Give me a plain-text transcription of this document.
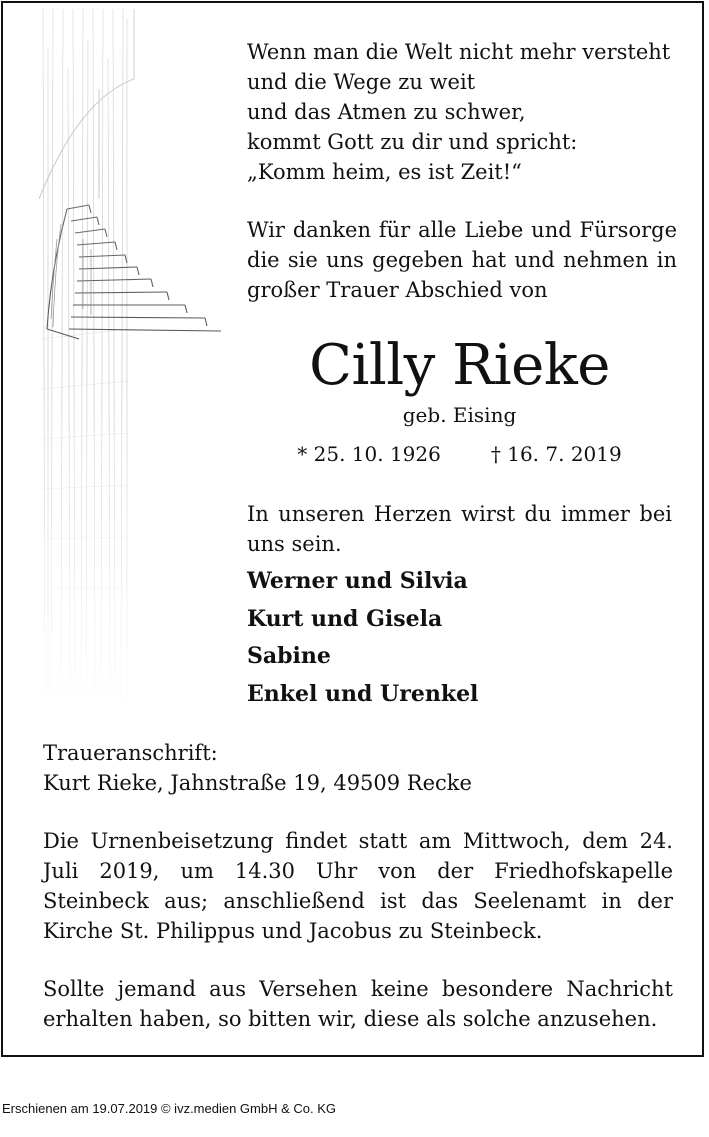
Wenn man die Welt nicht mehr versteht
und die Wege zu weit
und das Atmen zu schwer,
kommt Gott zu dir und spricht:
„Komm heim, es ist Zeit!“
Wir danken für alle Liebe und Fürsorge die sie uns gegeben hat und nehmen in großer Trauer Abschied von
Cilly Rieke
geb. Eising
* 25. 10. 1926	† 16. 7. 2019
In unseren Herzen wirst du immer bei uns sein.
Werner und Silvia
Kurt und Gisela
Sabine
Enkel und Urenkel
Traueranschrift:
Kurt Rieke, Jahnstraße 19, 49509 Recke
Die Urnenbeisetzung findet statt am Mittwoch, dem 24. Juli 2019, um 14.30 Uhr von der Friedhofskapelle Steinbeck aus; anschließend ist das Seelenamt in der Kirche St. Philippus und Jacobus zu Steinbeck.
Sollte jemand aus Versehen keine besondere Nachricht erhalten haben, so bitten wir, diese als solche anzusehen.
Erschienen am 19.07.2019 © ivz.medien GmbH & Co. KG
